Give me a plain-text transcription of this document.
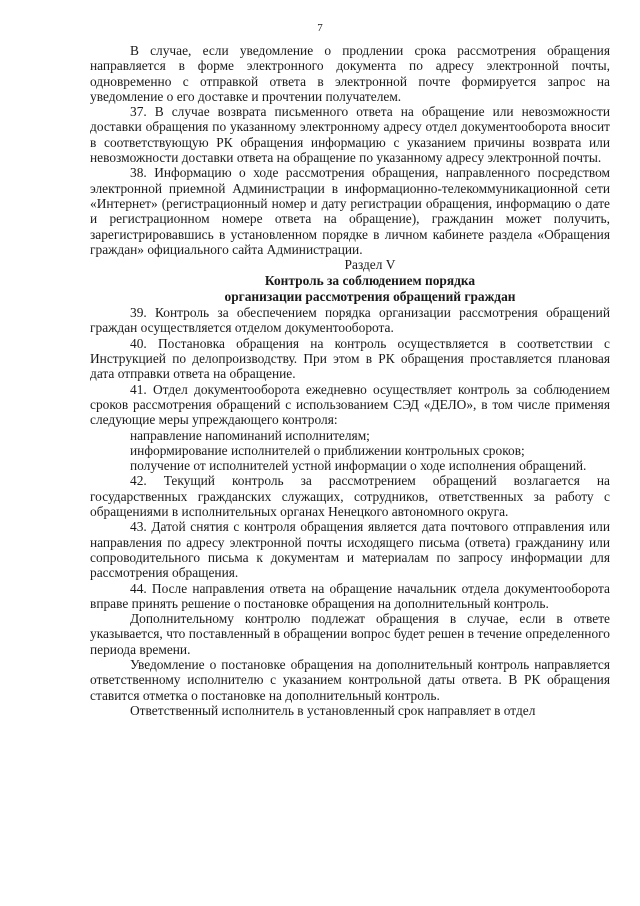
7

В случае, если уведомление о продлении срока рассмотрения обращения направляется в форме электронного документа по адресу электронной почты, одновременно с отправкой ответа в электронной почте формируется запрос на уведомление о его доставке и прочтении получателем.

37. В случае возврата письменного ответа на обращение или невозможности доставки обращения по указанному электронному адресу отдел документооборота вносит в соответствующую РК обращения информацию с указанием причины возврата или невозможности доставки ответа на обращение по указанному адресу электронной почты.

38. Информацию о ходе рассмотрения обращения, направленного посредством электронной приемной Администрации в информационно-телекоммуникационной сети «Интернет» (регистрационный номер и дату регистрации обращения, информацию о дате и регистрационном номере ответа на обращение), гражданин может получить, зарегистрировавшись в установленном порядке в личном кабинете раздела «Обращения граждан» официального сайта Администрации.

Раздел V
Контроль за соблюдением порядка
организации рассмотрения обращений граждан

39. Контроль за обеспечением порядка организации рассмотрения обращений граждан осуществляется отделом документооборота.

40. Постановка обращения на контроль осуществляется в соответствии с Инструкцией по делопроизводству. При этом в РК обращения проставляется плановая дата отправки ответа на обращение.

41. Отдел документооборота ежедневно осуществляет контроль за соблюдением сроков рассмотрения обращений с использованием СЭД «ДЕЛО», в том числе применяя следующие меры упреждающего контроля:

направление напоминаний исполнителям;

информирование исполнителей о приближении контрольных сроков;

получение от исполнителей устной информации о ходе исполнения обращений.

42. Текущий контроль за рассмотрением обращений возлагается на государственных гражданских служащих, сотрудников, ответственных за работу с обращениями в исполнительных органах Ненецкого автономного округа.

43. Датой снятия с контроля обращения является дата почтового отправления или направления по адресу электронной почты исходящего письма (ответа) гражданину или сопроводительного письма к документам и материалам по запросу информации для рассмотрения обращения.

44. После направления ответа на обращение начальник отдела документооборота вправе принять решение о постановке обращения на дополнительный контроль.

Дополнительному контролю подлежат обращения в случае, если в ответе указывается, что поставленный в обращении вопрос будет решен в течение определенного периода времени.

Уведомление о постановке обращения на дополнительный контроль направляется ответственному исполнителю с указанием контрольной даты ответа. В РК обращения ставится отметка о постановке на дополнительный контроль.

Ответственный исполнитель в установленный срок направляет в отдел
